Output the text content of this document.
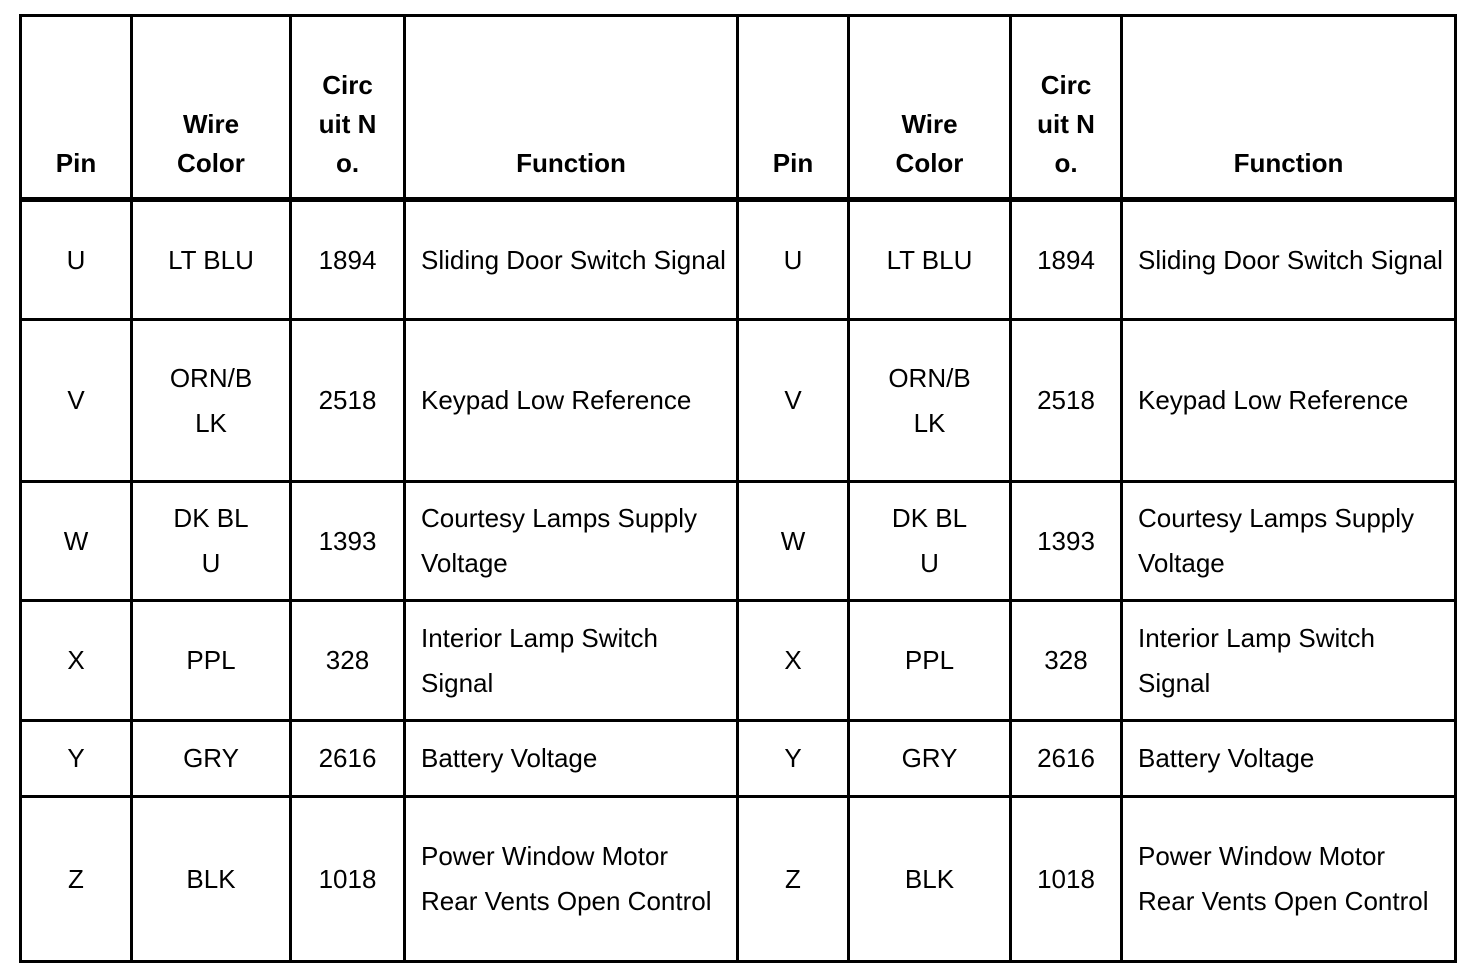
Pin	Wire Color	Circuit No.	Function	Pin	Wire Color	Circuit No.	Function
U	LT BLU	1894	Sliding Door Switch Signal	U	LT BLU	1894	Sliding Door Switch Signal
V	ORN/BLK	2518	Keypad Low Reference	V	ORN/BLK	2518	Keypad Low Reference
W	DK BLU	1393	Courtesy Lamps Supply Voltage	W	DK BLU	1393	Courtesy Lamps Supply Voltage
X	PPL	328	Interior Lamp Switch Signal	X	PPL	328	Interior Lamp Switch Signal
Y	GRY	2616	Battery Voltage	Y	GRY	2616	Battery Voltage
Z	BLK	1018	Power Window Motor Rear Vents Open Control	Z	BLK	1018	Power Window Motor Rear Vents Open Control
